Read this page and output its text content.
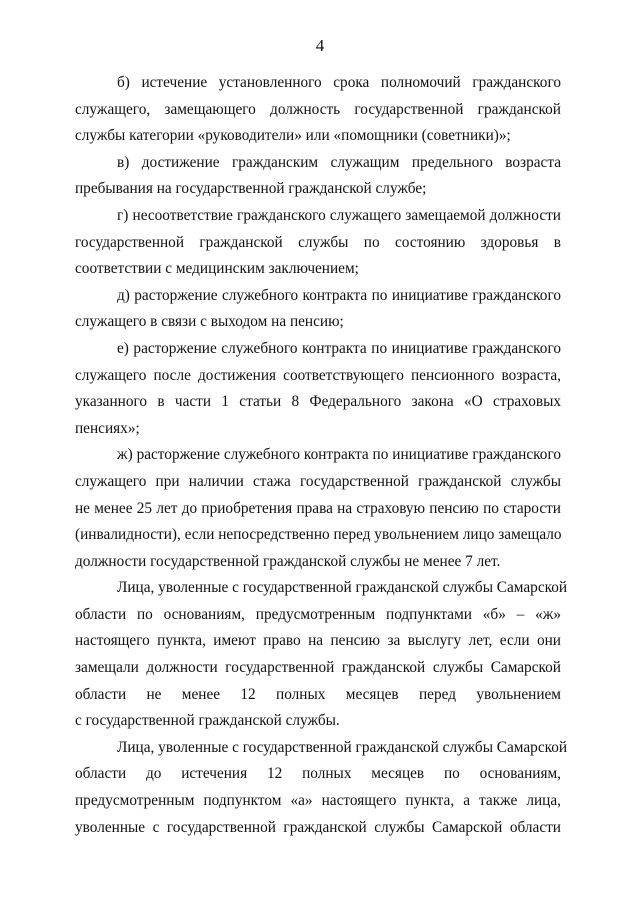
4
б) истечение установленного срока полномочий гражданского
служащего, замещающего должность государственной гражданской
службы категории «руководители» или «помощники (советники)»;
в) достижение гражданским служащим предельного возраста
пребывания на государственной гражданской службе;
г) несоответствие гражданского служащего замещаемой должности
государственной гражданской службы по состоянию здоровья в
соответствии с медицинским заключением;
д) расторжение служебного контракта по инициативе гражданского
служащего в связи с выходом на пенсию;
е) расторжение служебного контракта по инициативе гражданского
служащего после достижения соответствующего пенсионного возраста,
указанного в части 1 статьи 8 Федерального закона «О страховых
пенсиях»;
ж) расторжение служебного контракта по инициативе гражданского
служащего при наличии стажа государственной гражданской службы
не менее 25 лет до приобретения права на страховую пенсию по старости
(инвалидности), если непосредственно перед увольнением лицо замещало
должности государственной гражданской службы не менее 7 лет.
Лица, уволенные с государственной гражданской службы Самарской
области по основаниям, предусмотренным подпунктами «б» – «ж»
настоящего пункта, имеют право на пенсию за выслугу лет, если они
замещали должности государственной гражданской службы Самарской
области не менее 12 полных месяцев перед увольнением
с государственной гражданской службы.
Лица, уволенные с государственной гражданской службы Самарской
области до истечения 12 полных месяцев по основаниям,
предусмотренным подпунктом «а» настоящего пункта, а также лица,
уволенные с государственной гражданской службы Самарской области
